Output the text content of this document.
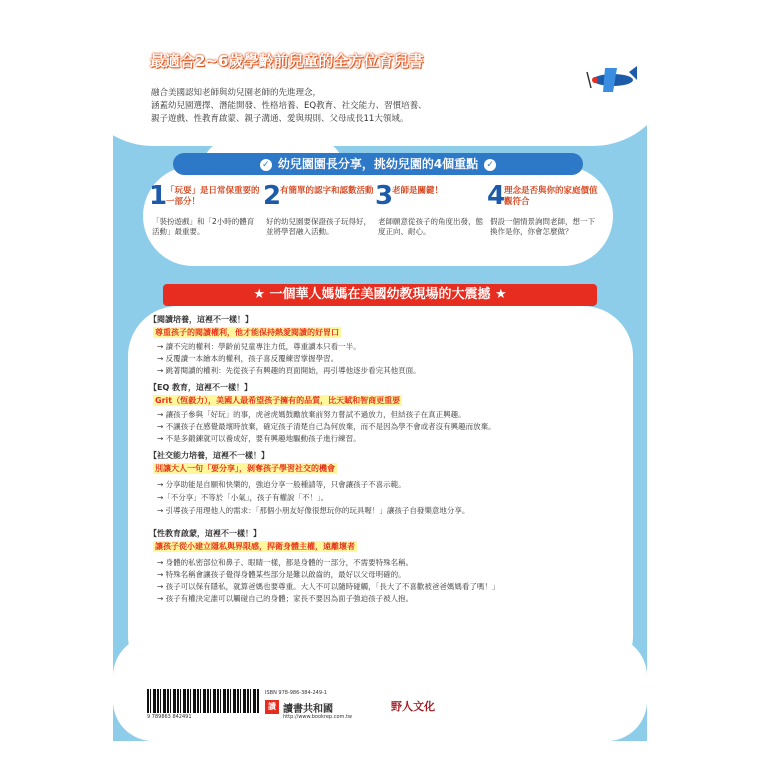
最適合2~6歲學齡前兒童的全方位育兒書
融合美國認知老師與幼兒園老師的先進理念，
涵蓋幼兒園選擇、潛能開發、性格培養、EQ教育、社交能力、習慣培養、
親子遊戲、性教育啟蒙、親子溝通、愛與規則、父母成長11大領域。
✓ 幼兒園園長分享，挑幼兒園的4個重點 ✓
1
「玩耍」是日常保重要的一部分！
「裝扮遊戲」和「2小時的體育活動」最重要。
2
有簡單的認字和認數活動
好的幼兒園要保證孩子玩得好，並將學習融入活動。
3
老師是關鍵！
老師願意從孩子的角度出發，態度正向、耐心。
4
理念是否與你的家庭價值觀符合
假設一個情景詢問老師，想一下換作是你，你會怎麼做？
★ 一個華人媽媽在美國幼教現場的大震撼 ★
【閱讀培養，這裡不一樣！】
尊重孩子的閱讀權利，他才能保持熱愛閱讀的好胃口
→ 讀不完的權利：學齡前兒童專注力低，尊重讀本只看一半。
→ 反覆讀一本繪本的權利，孩子喜反覆練習掌握學習。
→ 跳著閱讀的權利：先從孩子有興趣的頁面開始，再引導他逐步看完其他頁面。
【EQ 教育，這裡不一樣！】
Grit（恆毅力），美國人最希望孩子擁有的品質，比天賦和智商更重要
→ 讓孩子參與「好玩」的事，虎爸虎媽鼓勵放棄前努力嘗試不過放力，但結孩子在真正興趣。
→ 不讓孩子在感覺最壞時放棄，確定孩子清楚自己為何放棄，而不是因為學不會或者沒有興趣而放棄。
→ 不是多鍛鍊就可以養成好，要有興趣地驅動孩子進行練習。
【社交能力培養，這裡不一樣！】
別讓大人一句「要分享」，剝奪孩子學習社交的機會
→ 分享助能是自願和快樂的，強迫分享一般種請等，只會讓孩子不喜示範。
→「不分享」不等於「小氣」，孩子有權說「不！」。
→ 引導孩子用理他人的需求：「那個小朋友好像很想玩你的玩具喔！」讓孩子自發樂意地分享。
【性教育啟蒙，這裡不一樣！】
讓孩子從小建立隱私與界限感，捍衛身體主權，遠離壞者
→ 身體的私密部位和鼻子、眼睛一樣，都是身體的一部分，不需要特殊名稱。
→ 特殊名稱會讓孩子覺得身體某些部分是難以啟齒的，最好以父母明確的。
→ 孩子可以保有隱私，就算爸媽也要尊重。大人不可以隨時碰觸，「長大了不喜歡被爸爸媽媽看了嗎！」
→ 孩子有權決定誰可以觸碰自己的身體；家長不要因為面子強迫孩子被人抱。
9 789863 842491
ISBN 978-986-384-249-1
讀 讀書共和國
http://www.bookrep.com.tw
野人文化
